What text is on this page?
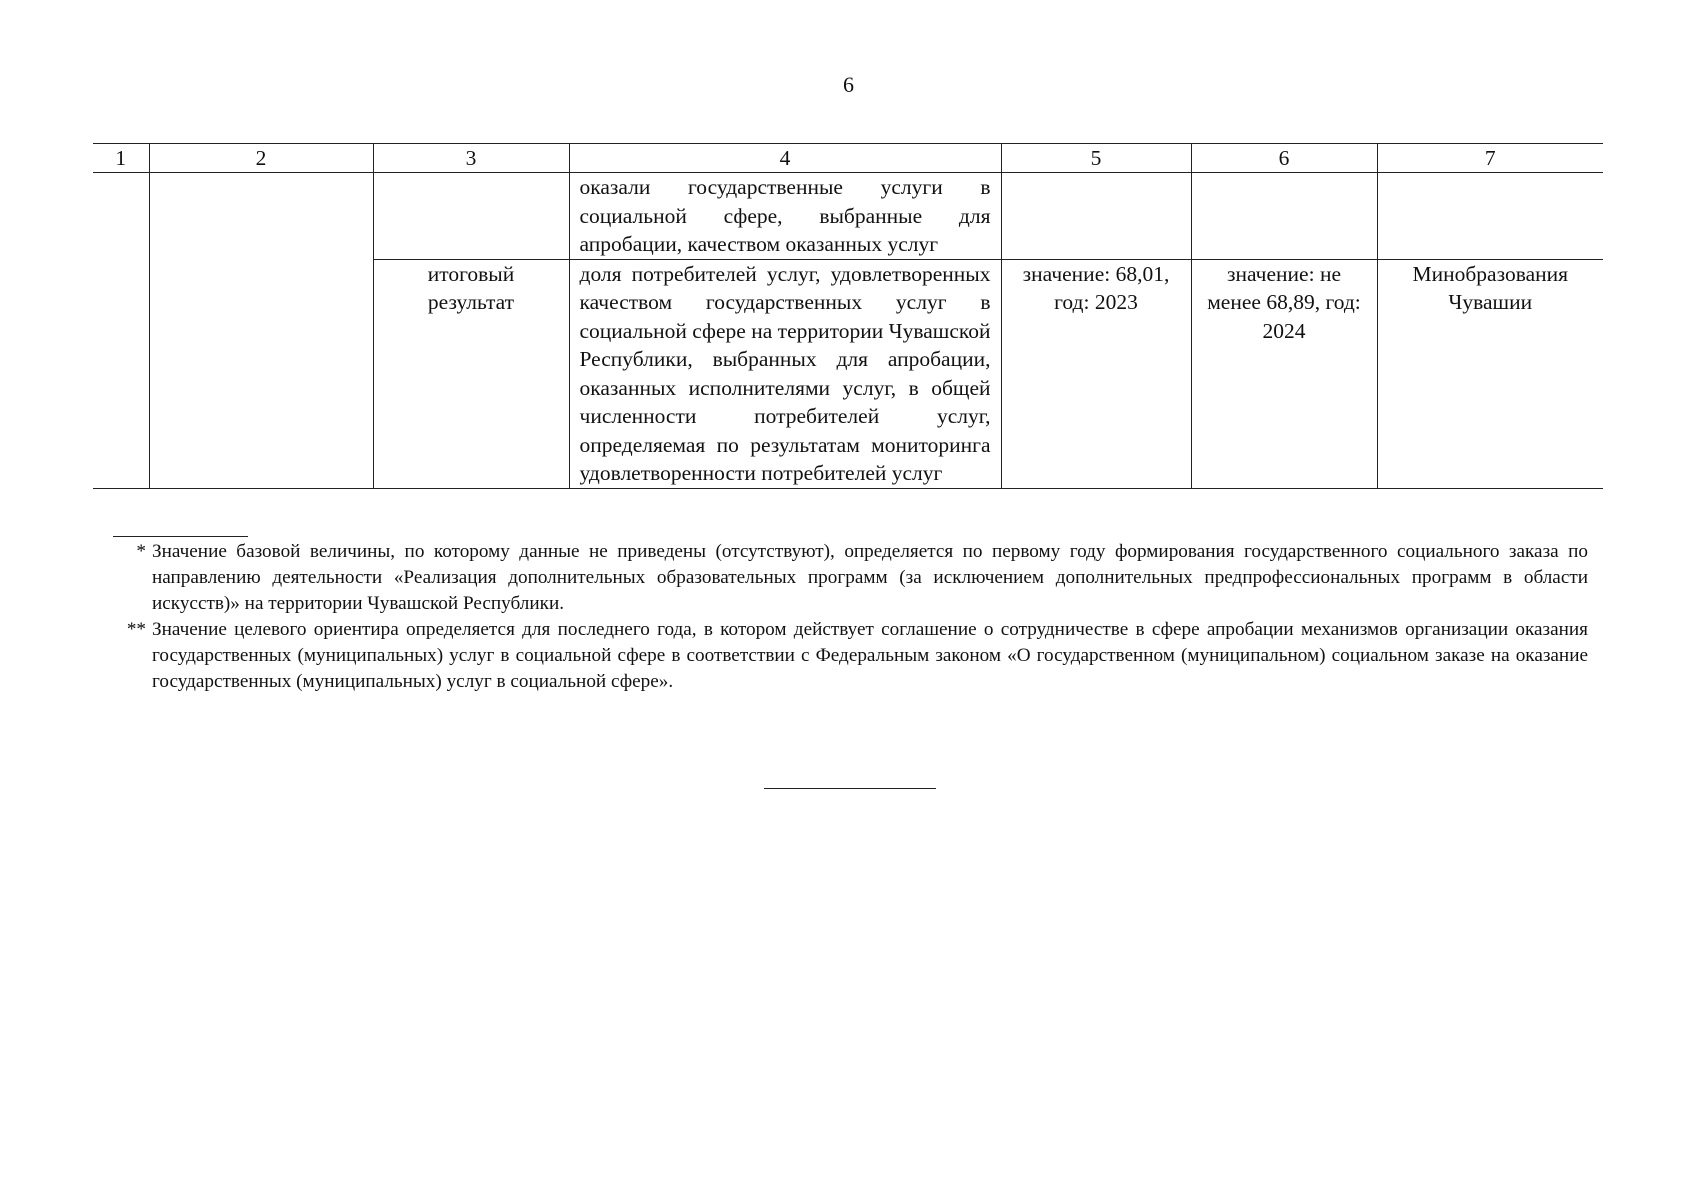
6
1	2	3	4	5	6	7
			оказали государственные услуги в социальной сфере, выбранные для апробации, качеством оказанных услуг			
		итоговый результат	доля потребителей услуг, удовлетворенных качеством государственных услуг в социальной сфере на территории Чувашской Республики, выбранных для апробации, оказанных исполнителями услуг, в общей численности потребителей услуг, определяемая по результатам мониторинга удовлетворенности потребителей услуг	значение: 68,01, год: 2023	значение: не менее 68,89, год: 2024	Минобразования Чувашии
* Значение базовой величины, по которому данные не приведены (отсутствуют), определяется по первому году формирования государственного социального заказа по направлению деятельности «Реализация дополнительных образовательных программ (за исключением дополнительных предпрофессиональных программ в области искусств)» на территории Чувашской Республики.
** Значение целевого ориентира определяется для последнего года, в котором действует соглашение о сотрудничестве в сфере апробации механизмов организации оказания государственных (муниципальных) услуг в социальной сфере в соответствии с Федеральным законом «О государственном (муниципальном) социальном заказе на оказание государственных (муниципальных) услуг в социальной сфере».
